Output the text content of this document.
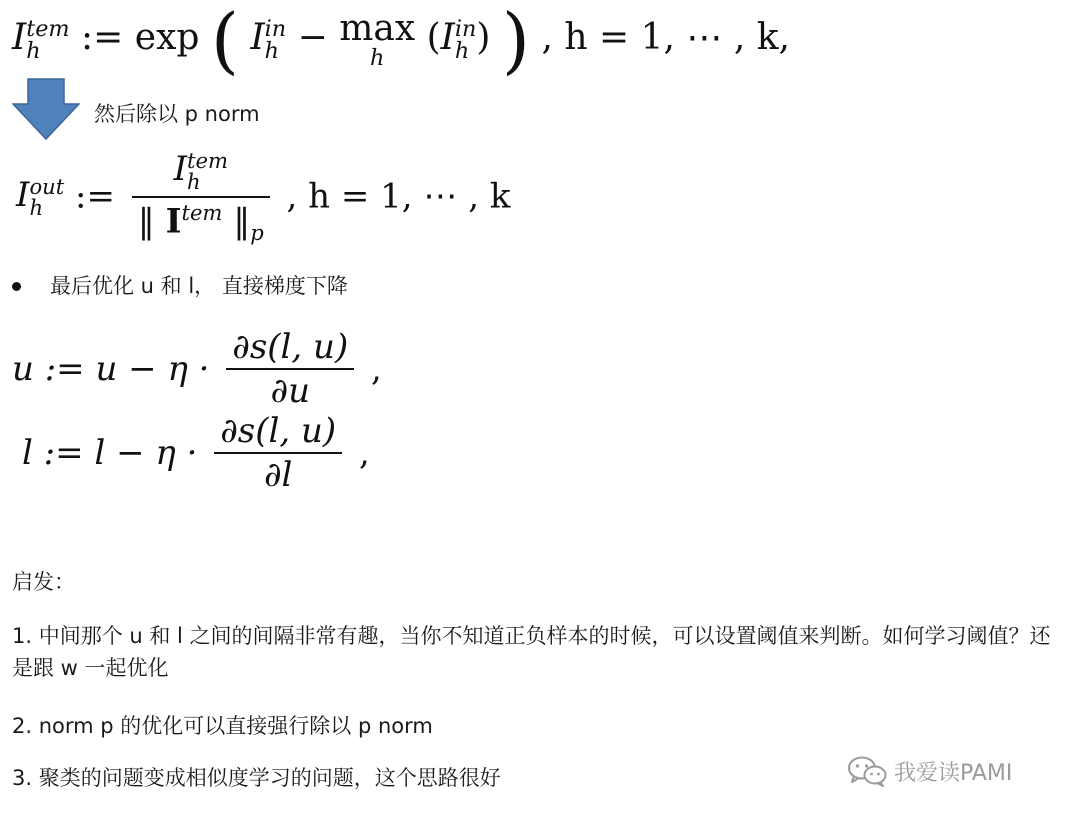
I tem
h	:= exp ( I in
h − max
h (I in
h ) ) , h = 1, ⋯ , k,
然后除以 p norm
I out
h := I tem
h
‖ $I^{tem}$ $‖_p$ , h = 1, ⋯ , k
最后优化 u 和 l， 直接梯度下降
u := $u - \eta \cdot \frac{\partial s(l, u)}{\partial u}$ ,
l := $l - \eta \cdot \frac{\partial s(l, u)}{\partial l}$ ,
启发：
1. 中间那个 u 和 l 之间的间隔非常有趣，当你不知道正负样本的时候，可以设置阈值来判断。如何学习阈值？还是跟 w 一起优化
2. norm p 的优化可以直接强行除以 p norm
3. 聚类的问题变成相似度学习的问题，这个思路很好	我爱读PAMI
